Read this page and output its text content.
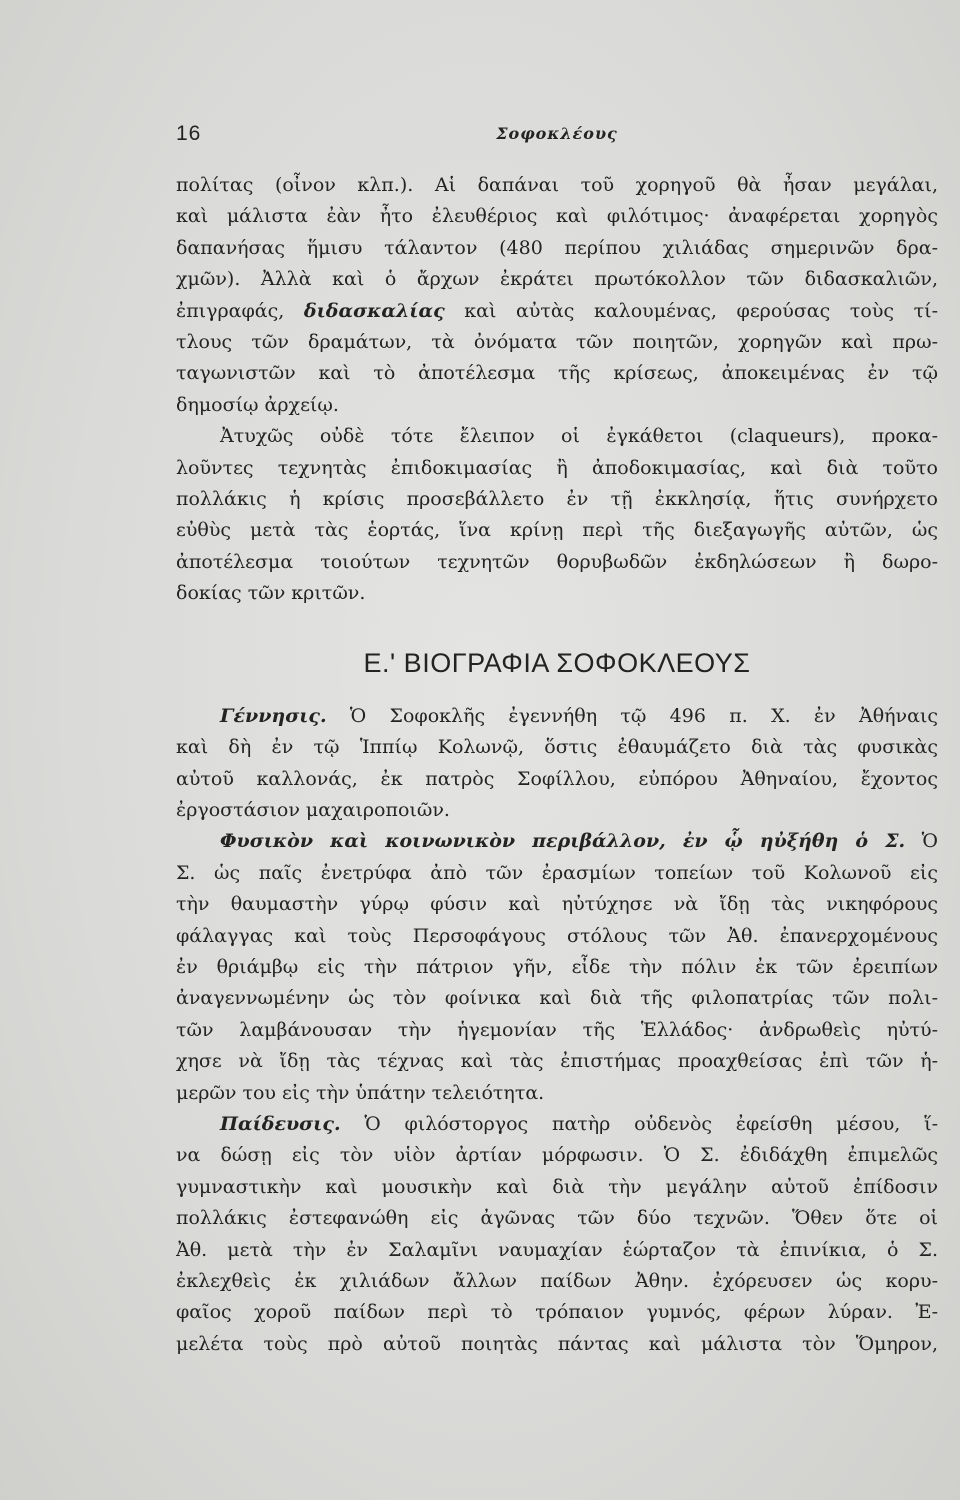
16	Σοφοκλέους
πολίτας (οἶνον κλπ.). Αἱ δαπάναι τοῦ χορηγοῦ θὰ ἦσαν μεγάλαι,
καὶ μάλιστα ἐὰν ἦτο ἐλευθέριος καὶ φιλότιμος· ἀναφέρεται χορηγὸς
δαπανήσας ἥμισυ τάλαντον (480 περίπου χιλιάδας σημερινῶν δρα-
χμῶν). Ἀλλὰ καὶ ὁ ἄρχων ἐκράτει πρωτόκολλον τῶν διδασκαλιῶν,
ἐπιγραφάς, διδασκαλίας καὶ αὐτὰς καλουμένας, φερούσας τοὺς τί-
τλους τῶν δραμάτων, τὰ ὀνόματα τῶν ποιητῶν, χορηγῶν καὶ πρω-
ταγωνιστῶν καὶ τὸ ἀποτέλεσμα τῆς κρίσεως, ἀποκειμένας ἐν τῷ
δημοσίῳ ἀρχείῳ.
Ἀτυχῶς οὐδὲ τότε ἔλειπον οἱ ἐγκάθετοι (claqueurs), προκα-
λοῦντες τεχνητὰς ἐπιδοκιμασίας ἢ ἀποδοκιμασίας, καὶ διὰ τοῦτο
πολλάκις ἡ κρίσις προσεβάλλετο ἐν τῇ ἐκκλησίᾳ, ἥτις συνήρχετο
εὐθὺς μετὰ τὰς ἑορτάς, ἵνα κρίνῃ περὶ τῆς διεξαγωγῆς αὐτῶν, ὡς
ἀποτέλεσμα τοιούτων τεχνητῶν θορυβωδῶν ἐκδηλώσεων ἢ δωρο-
δοκίας τῶν κριτῶν.
Ε.' ΒΙΟΓΡΑΦΙΑ ΣΟΦΟΚΛΕΟΥΣ
Γέννησις. Ὁ Σοφοκλῆς ἐγεννήθη τῷ 496 π. Χ. ἐν Ἀθήναις
καὶ δὴ ἐν τῷ Ἱππίῳ Κολωνῷ, ὅστις ἐθαυμάζετο διὰ τὰς φυσικὰς
αὐτοῦ καλλονάς, ἐκ πατρὸς Σοφίλλου, εὐπόρου Ἀθηναίου, ἔχοντος
ἐργοστάσιον μαχαιροποιῶν.
Φυσικὸν καὶ κοινωνικὸν περιβάλλον, ἐν ᾧ ηὐξήθη ὁ Σ. Ὁ
Σ. ὡς παῖς ἐνετρύφα ἀπὸ τῶν ἐρασμίων τοπείων τοῦ Κολωνοῦ εἰς
τὴν θαυμαστὴν γύρῳ φύσιν καὶ ηὐτύχησε νὰ ἴδῃ τὰς νικηφόρους
φάλαγγας καὶ τοὺς Περσοφάγους στόλους τῶν Ἀθ. ἐπανερχομένους
ἐν θριάμβῳ εἰς τὴν πάτριον γῆν, εἶδε τὴν πόλιν ἐκ τῶν ἐρειπίων
ἀναγεννωμένην ὡς τὸν φοίνικα καὶ διὰ τῆς φιλοπατρίας τῶν πολι-
τῶν λαμβάνουσαν τὴν ἡγεμονίαν τῆς Ἑλλάδος· ἀνδρωθεὶς ηὐτύ-
χησε νὰ ἴδῃ τὰς τέχνας καὶ τὰς ἐπιστήμας προαχθείσας ἐπὶ τῶν ἡ-
μερῶν του εἰς τὴν ὑπάτην τελειότητα.
Παίδευσις. Ὁ φιλόστοργος πατὴρ οὐδενὸς ἐφείσθη μέσου, ἵ-
να δώσῃ εἰς τὸν υἱὸν ἀρτίαν μόρφωσιν. Ὁ Σ. ἐδιδάχθη ἐπιμελῶς
γυμναστικὴν καὶ μουσικὴν καὶ διὰ τὴν μεγάλην αὐτοῦ ἐπίδοσιν
πολλάκις ἐστεφανώθη εἰς ἀγῶνας τῶν δύο τεχνῶν. Ὅθεν ὅτε οἱ
Ἀθ. μετὰ τὴν ἐν Σαλαμῖνι ναυμαχίαν ἑώρταζον τὰ ἐπινίκια, ὁ Σ.
ἐκλεχθεὶς ἐκ χιλιάδων ἄλλων παίδων Ἀθην. ἐχόρευσεν ὡς κορυ-
φαῖος χοροῦ παίδων περὶ τὸ τρόπαιον γυμνός, φέρων λύραν. Ἐ-
μελέτα τοὺς πρὸ αὐτοῦ ποιητὰς πάντας καὶ μάλιστα τὸν Ὅμηρον,
